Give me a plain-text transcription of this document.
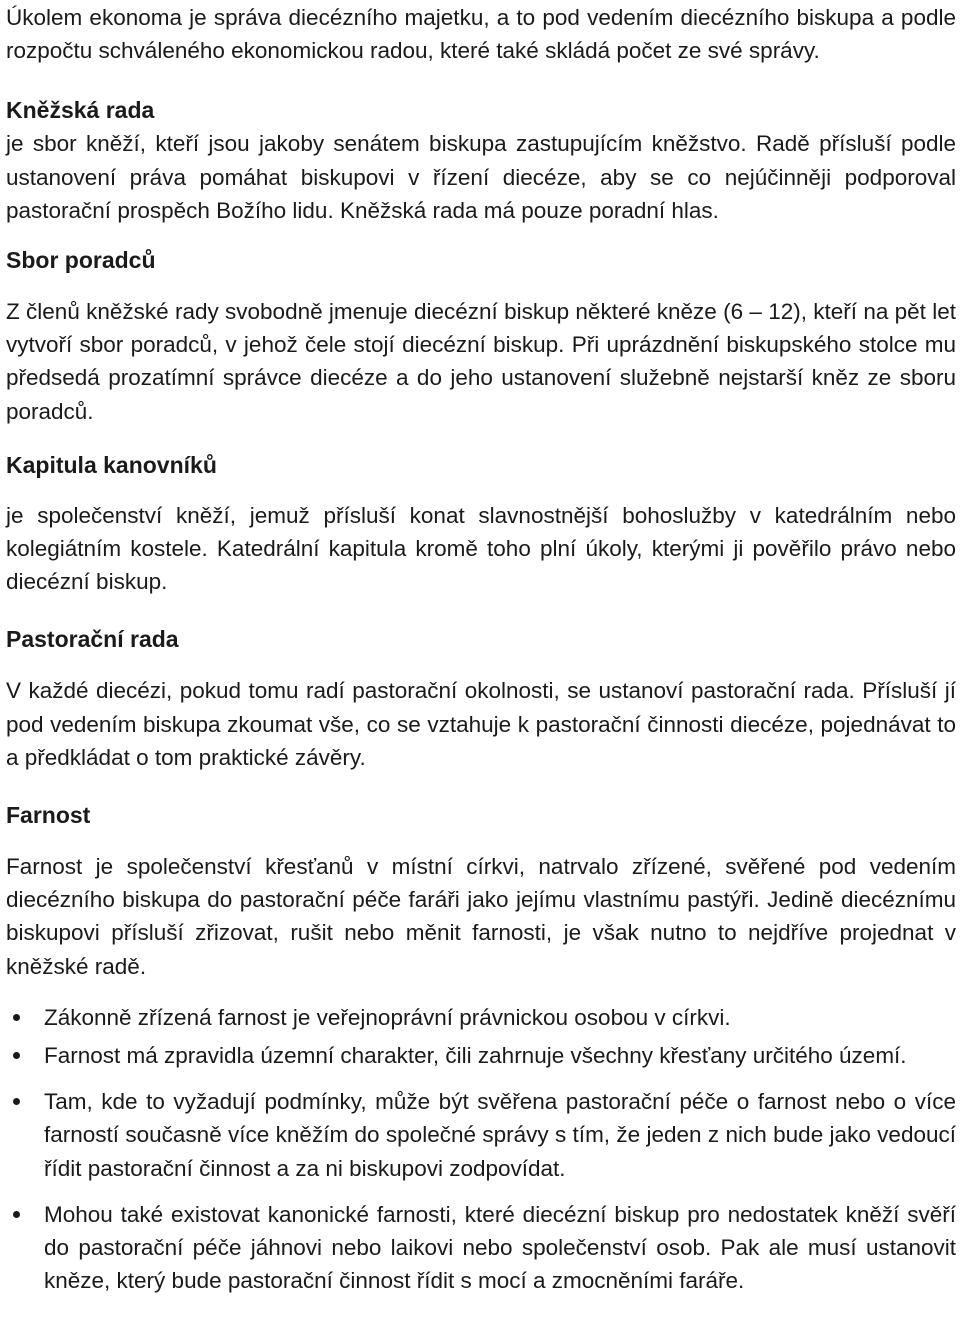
Úkolem ekonoma je správa diecézního majetku, a to pod vedením diecézního biskupa a podle rozpočtu schváleného ekonomickou radou, které také skládá počet ze své správy.

Kněžská rada

je sbor kněží, kteří jsou jakoby senátem biskupa zastupujícím kněžstvo. Radě přísluší podle ustanovení práva pomáhat biskupovi v řízení diecéze, aby se co nejúčinněji podporoval pastorační prospěch Božího lidu. Kněžská rada má pouze poradní hlas.

Sbor poradců

Z členů kněžské rady svobodně jmenuje diecézní biskup některé kněze (6 – 12), kteří na pět let vytvoří sbor poradců, v jehož čele stojí diecézní biskup. Při uprázdnění biskupského stolce mu předsedá prozatímní správce diecéze a do jeho ustanovení služebně nejstarší kněz ze sboru poradců.

Kapitula kanovníků

je společenství kněží, jemuž přísluší konat slavnostnější bohoslužby v katedrálním nebo kolegiátním kostele. Katedrální kapitula kromě toho plní úkoly, kterými ji pověřilo právo nebo diecézní biskup.

Pastorační rada

V každé diecézi, pokud tomu radí pastorační okolnosti, se ustanoví pastorační rada. Přísluší jí pod vedením biskupa zkoumat vše, co se vztahuje k pastorační činnosti diecéze, pojednávat to a předkládat o tom praktické závěry.

Farnost

Farnost je společenství křesťanů v místní církvi, natrvalo zřízené, svěřené pod vedením diecézního biskupa do pastorační péče faráři jako jejímu vlastnímu pastýři. Jedině diecéznímu biskupovi přísluší zřizovat, rušit nebo měnit farnosti, je však nutno to nejdříve projednat v kněžské radě.

Zákonně zřízená farnost je veřejnoprávní právnickou osobou v církvi.

Farnost má zpravidla územní charakter, čili zahrnuje všechny křesťany určitého území.

Tam, kde to vyžadují podmínky, může být svěřena pastorační péče o farnost nebo o více farností současně více kněžím do společné správy s tím, že jeden z nich bude jako vedoucí řídit pastorační činnost a za ni biskupovi zodpovídat.

Mohou také existovat kanonické farnosti, které diecézní biskup pro nedostatek kněží svěří do pastorační péče jáhnovi nebo laikovi nebo společenství osob. Pak ale musí ustanovit kněze, který bude pastorační činnost řídit s mocí a zmocněními faráře.
